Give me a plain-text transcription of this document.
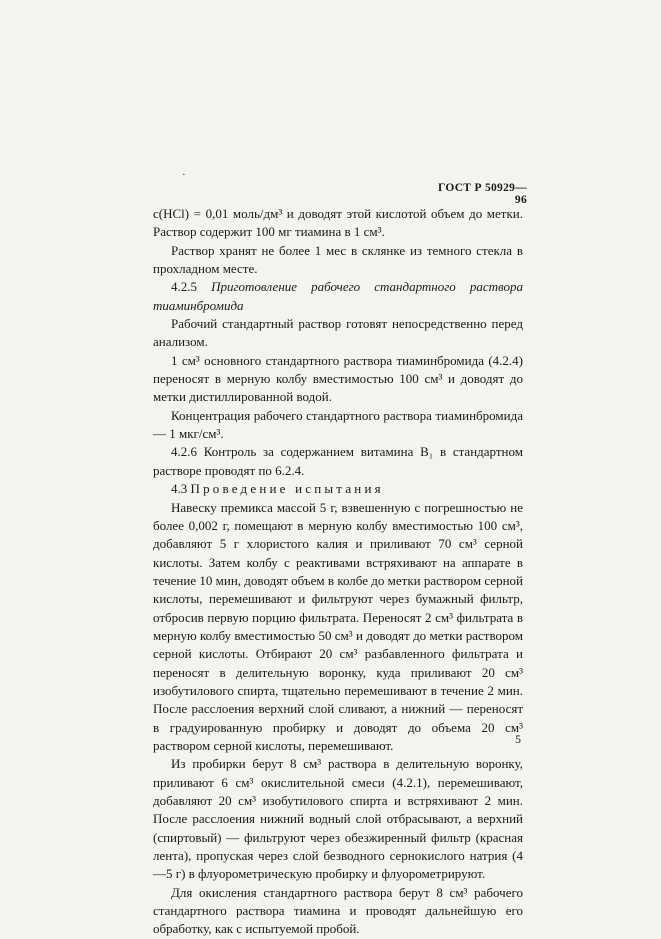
·
ГОСТ Р 50929—96

c(HCl) = 0,01 моль/дм³ и доводят этой кислотой объем до метки. Раствор содержит 100 мг тиамина в 1 см³.

Раствор хранят не более 1 мес в склянке из темного стекла в прохладном месте.

4.2.5 Приготовление рабочего стандартного раствора тиаминбромида

Рабочий стандартный раствор готовят непосредственно перед анализом.

1 см³ основного стандартного раствора тиаминбромида (4.2.4) переносят в мерную колбу вместимостью 100 см³ и доводят до метки дистиллированной водой.

Концентрация рабочего стандартного раствора тиаминбромида — 1 мкг/см³.

4.2.6 Контроль за содержанием витамина В₁ в стандартном растворе проводят по 6.2.4.

4.3 Проведение испытания

Навеску премикса массой 5 г, взвешенную с погрешностью не более 0,002 г, помещают в мерную колбу вместимостью 100 см³, добавляют 5 г хлористого калия и приливают 70 см³ серной кислоты. Затем колбу с реактивами встряхивают на аппарате в течение 10 мин, доводят объем в колбе до метки раствором серной кислоты, перемешивают и фильтруют через бумажный фильтр, отбросив первую порцию фильтрата. Переносят 2 см³ фильтрата в мерную колбу вместимостью 50 см³ и доводят до метки раствором серной кислоты. Отбирают 20 см³ разбавленного фильтрата и переносят в делительную воронку, куда приливают 20 см³ изобутилового спирта, тщательно перемешивают в течение 2 мин. После расслоения верхний слой сливают, а нижний — переносят в градуированную пробирку и доводят до объема 20 см³ раствором серной кислоты, перемешивают.

Из пробирки берут 8 см³ раствора в делительную воронку, приливают 6 см³ окислительной смеси (4.2.1), перемешивают, добавляют 20 см³ изобутилового спирта и встряхивают 2 мин. После расслоения нижний водный слой отбрасывают, а верхний (спиртовый) — фильтруют через обезжиренный фильтр (красная лента), пропуская через слой безводного сернокислого натрия (4—5 г) в флуорометрическую пробирку и флуорометрируют.

Для окисления стандартного раствора берут 8 см³ рабочего стандартного раствора тиамина и проводят дальнейшую его обработку, как с испытуемой пробой.

5
